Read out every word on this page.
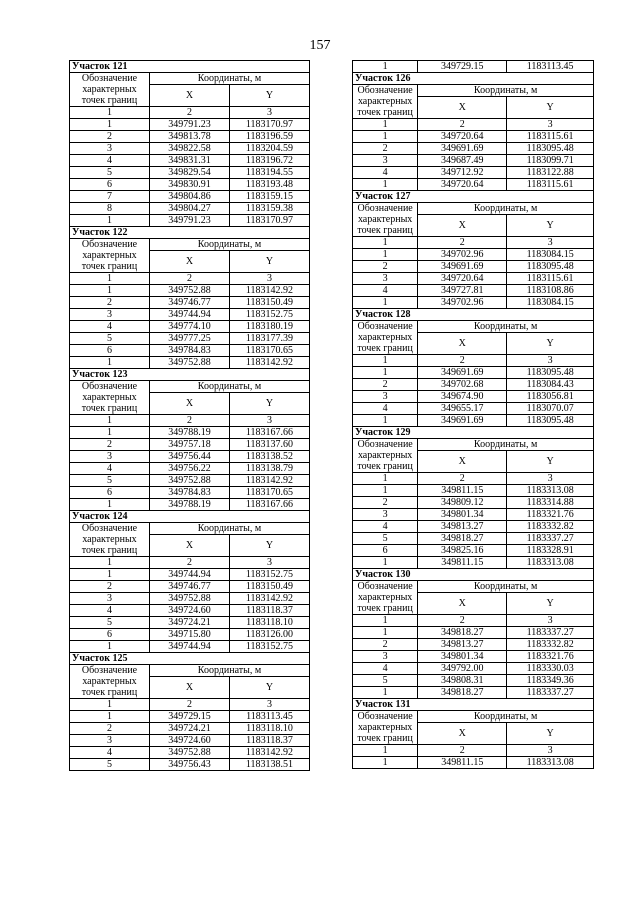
157
Участок 121		
Обозначение
характерных
точек границ	Координаты, м	
	X	Y
1	2	3
1	349791.23	1183170.97
2	349813.78	1183196.59
3	349822.58	1183204.59
4	349831.31	1183196.72
5	349829.54	1183194.55
6	349830.91	1183193.48
7	349804.86	1183159.15
8	349804.27	1183159.38
1	349791.23	1183170.97
Участок 122		
Обозначение
характерных
точек границ	Координаты, м	
	X	Y
1	2	3
1	349752.88	1183142.92
2	349746.77	1183150.49
3	349744.94	1183152.75
4	349774.10	1183180.19
5	349777.25	1183177.39
6	349784.83	1183170.65
1	349752.88	1183142.92
Участок 123		
Обозначение
характерных
точек границ	Координаты, м	
	X	Y
1	2	3
1	349788.19	1183167.66
2	349757.18	1183137.60
3	349756.44	1183138.52
4	349756.22	1183138.79
5	349752.88	1183142.92
6	349784.83	1183170.65
1	349788.19	1183167.66
Участок 124		
Обозначение
характерных
точек границ	Координаты, м	
	X	Y
1	2	3
1	349744.94	1183152.75
2	349746.77	1183150.49
3	349752.88	1183142.92
4	349724.60	1183118.37
5	349724.21	1183118.10
6	349715.80	1183126.00
1	349744.94	1183152.75
Участок 125		
Обозначение
характерных
точек границ	Координаты, м	
	X	Y
1	2	3
1	349729.15	1183113.45
2	349724.21	1183118.10
3	349724.60	1183118.37
4	349752.88	1183142.92
5	349756.43	1183138.51
1	349729.15	1183113.45
Участок 126		
Обозначение
характерных
точек границ	Координаты, м	
	X	Y
1	2	3
1	349720.64	1183115.61
2	349691.69	1183095.48
3	349687.49	1183099.71
4	349712.92	1183122.88
1	349720.64	1183115.61
Участок 127		
Обозначение
характерных
точек границ	Координаты, м	
	X	Y
1	2	3
1	349702.96	1183084.15
2	349691.69	1183095.48
3	349720.64	1183115.61
4	349727.81	1183108.86
1	349702.96	1183084.15
Участок 128		
Обозначение
характерных
точек границ	Координаты, м	
	X	Y
1	2	3
1	349691.69	1183095.48
2	349702.68	1183084.43
3	349674.90	1183056.81
4	349655.17	1183070.07
1	349691.69	1183095.48
Участок 129		
Обозначение
характерных
точек границ	Координаты, м	
	X	Y
1	2	3
1	349811.15	1183313.08
2	349809.12	1183314.88
3	349801.34	1183321.76
4	349813.27	1183332.82
5	349818.27	1183337.27
6	349825.16	1183328.91
1	349811.15	1183313.08
Участок 130		
Обозначение
характерных
точек границ	Координаты, м	
	X	Y
1	2	3
1	349818.27	1183337.27
2	349813.27	1183332.82
3	349801.34	1183321.76
4	349792.00	1183330.03
5	349808.31	1183349.36
1	349818.27	1183337.27
Участок 131		
Обозначение
характерных
точек границ	Координаты, м	
	X	Y
1	2	3
1	349811.15	1183313.08
